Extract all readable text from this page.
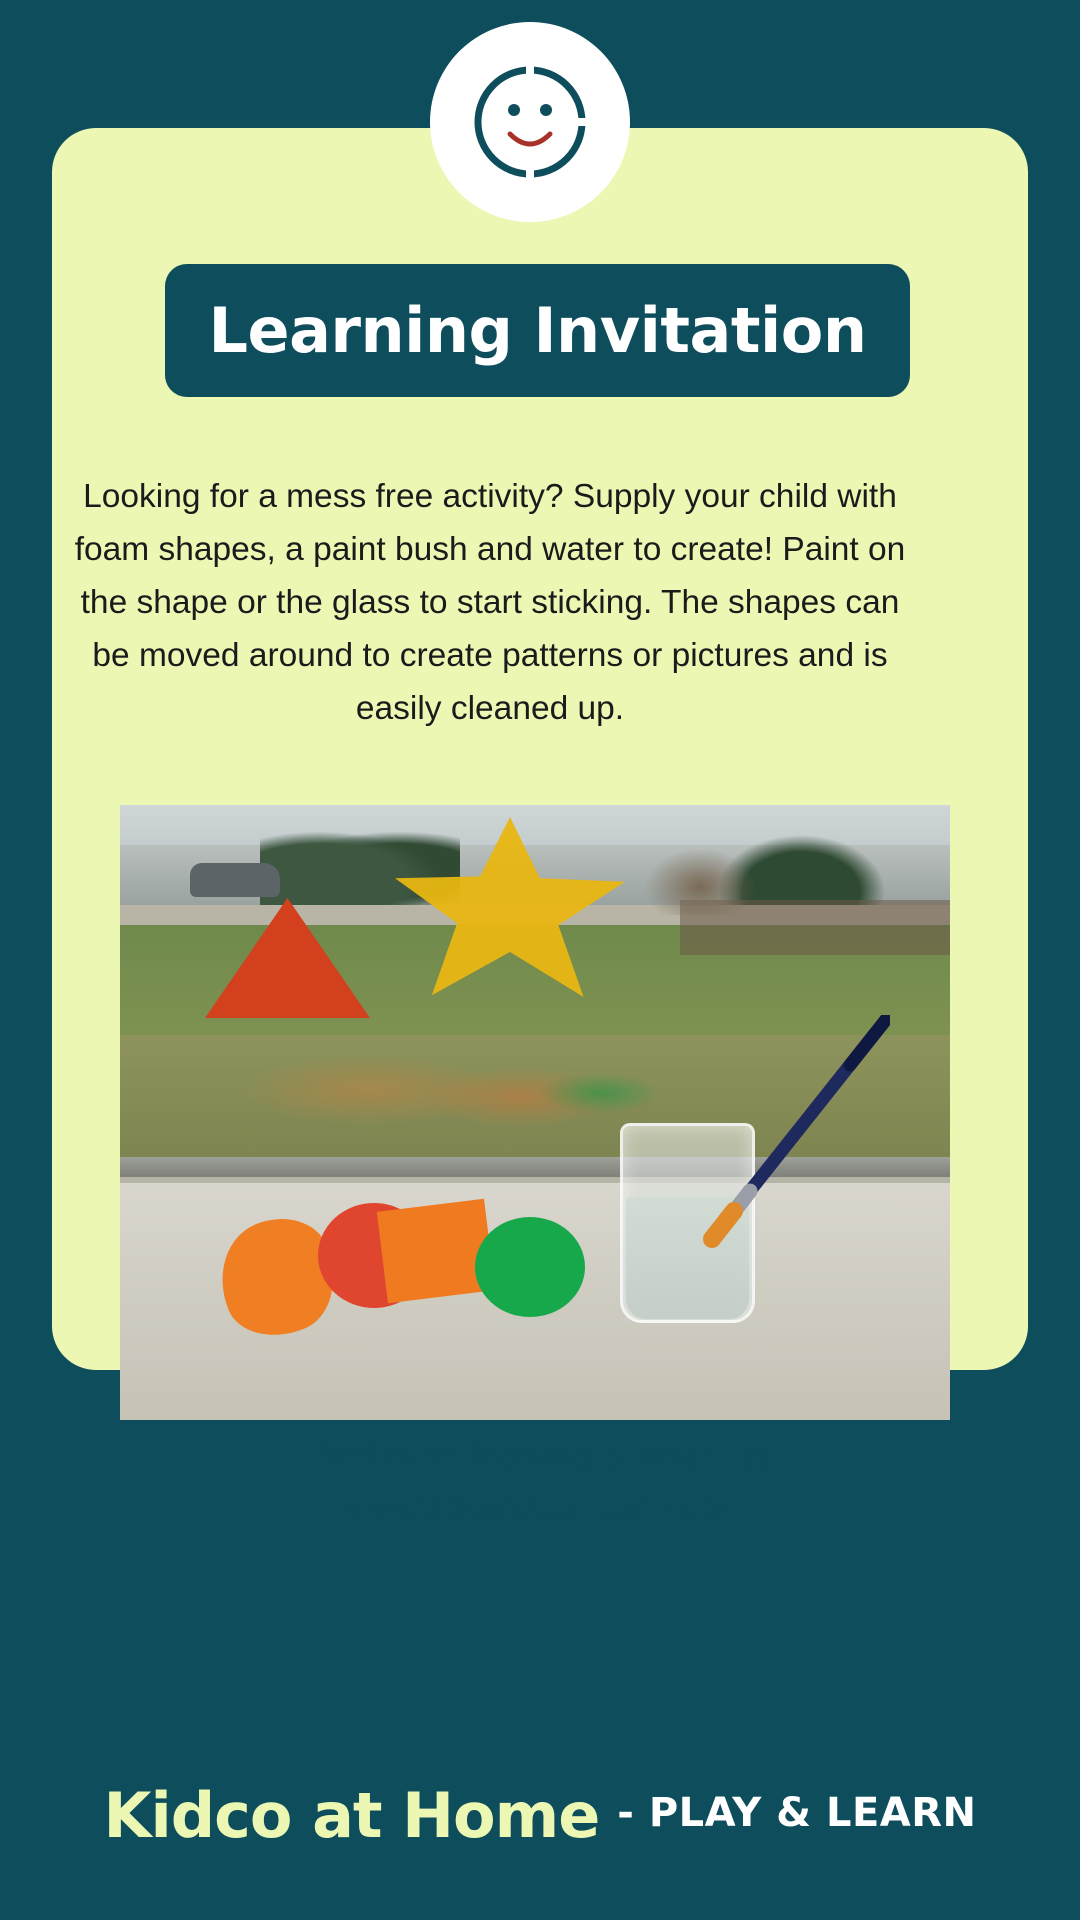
Learning Invitation
Looking for a mess free activity? Supply your child with foam shapes, a paint bush and water to create! Paint on the shape or the glass to start sticking. The shapes can be moved around to create patterns or pictures and is easily cleaned up.
Find more learning activities at
www.kidsandcompany.com
Kidco at Home - PLAY & LEARN
